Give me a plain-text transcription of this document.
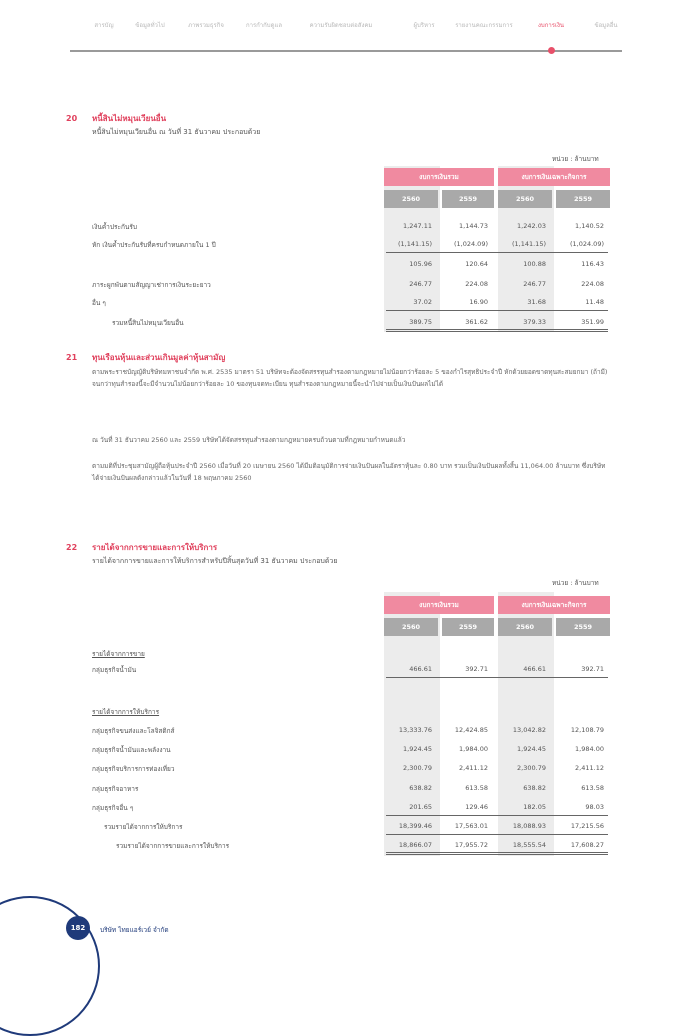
สารบัญ	ข้อมูลทั่วไป	ภาพรวมธุรกิจ	การกำกับดูแล	ความรับผิดชอบต่อสังคม	ผู้บริหาร	รายงานคณะกรรมการ	งบการเงิน	ข้อมูลอื่น
20 หนี้สินไม่หมุนเวียนอื่น
หนี้สินไม่หมุนเวียนอื่น ณ วันที่ 31 ธันวาคม ประกอบด้วย
หน่วย : ล้านบาท
งบการเงินรวม	งบการเงินเฉพาะกิจการ
2560	2559	2560	2559
เงินค้ำประกันรับ	1,247.11	1,144.73	1,242.03	1,140.52
หัก เงินค้ำประกันรับที่ครบกำหนดภายใน 1 ปี	(1,141.15)	(1,024.09)	(1,141.15)	(1,024.09)
105.96	120.64	100.88	116.43
ภาระผูกพันตามสัญญาเช่าการเงินระยะยาว	246.77	224.08	246.77	224.08
อื่น ๆ	37.02	16.90	31.68	11.48
รวมหนี้สินไม่หมุนเวียนอื่น	389.75	361.62	379.33	351.99
21 ทุนเรือนหุ้นและส่วนเกินมูลค่าหุ้นสามัญ
ตามพระราชบัญญัติบริษัทมหาชนจำกัด พ.ศ. 2535 มาตรา 51 บริษัทจะต้องจัดสรรทุนสำรองตามกฎหมายไม่น้อยกว่าร้อยละ 5 ของกำไรสุทธิประจำปี หักด้วยยอดขาดทุนสะสมยกมา (ถ้ามี) จนกว่าทุนสำรองนี้จะมีจำนวนไม่น้อยกว่าร้อยละ 10 ของทุนจดทะเบียน ทุนสำรองตามกฎหมายนี้จะนำไปจ่ายเป็นเงินปันผลไม่ได้
ณ วันที่ 31 ธันวาคม 2560 และ 2559 บริษัทได้จัดสรรทุนสำรองตามกฎหมายครบถ้วนตามที่กฎหมายกำหนดแล้ว
ตามมติที่ประชุมสามัญผู้ถือหุ้นประจำปี 2560 เมื่อวันที่ 20 เมษายน 2560 ได้มีมติอนุมัติการจ่ายเงินปันผลในอัตราหุ้นละ 0.80 บาท รวมเป็นเงินปันผลทั้งสิ้น 11,064.00 ล้านบาท ซึ่งบริษัทได้จ่ายเงินปันผลดังกล่าวแล้วในวันที่ 18 พฤษภาคม 2560
22 รายได้จากการขายและการให้บริการ
รายได้จากการขายและการให้บริการสำหรับปีสิ้นสุดวันที่ 31 ธันวาคม ประกอบด้วย
หน่วย : ล้านบาท
งบการเงินรวม	งบการเงินเฉพาะกิจการ
2560	2559	2560	2559
รายได้จากการขาย
กลุ่มธุรกิจน้ำมัน	466.61	392.71	466.61	392.71
รายได้จากการให้บริการ
กลุ่มธุรกิจขนส่งและโลจิสติกส์	13,333.76	12,424.85	13,042.82	12,108.79
กลุ่มธุรกิจน้ำมันและพลังงาน	1,924.45	1,984.00	1,924.45	1,984.00
กลุ่มธุรกิจบริการการท่องเที่ยว	2,300.79	2,411.12	2,300.79	2,411.12
กลุ่มธุรกิจอาหาร	638.82	613.58	638.82	613.58
กลุ่มธุรกิจอื่น ๆ	201.65	129.46	182.05	98.03
รวมรายได้จากการให้บริการ	18,399.46	17,563.01	18,088.93	17,215.56
รวมรายได้จากการขายและการให้บริการ	18,866.07	17,955.72	18,555.54	17,608.27
182	บริษัท ไทยแอร์เวย์ จำกัด
